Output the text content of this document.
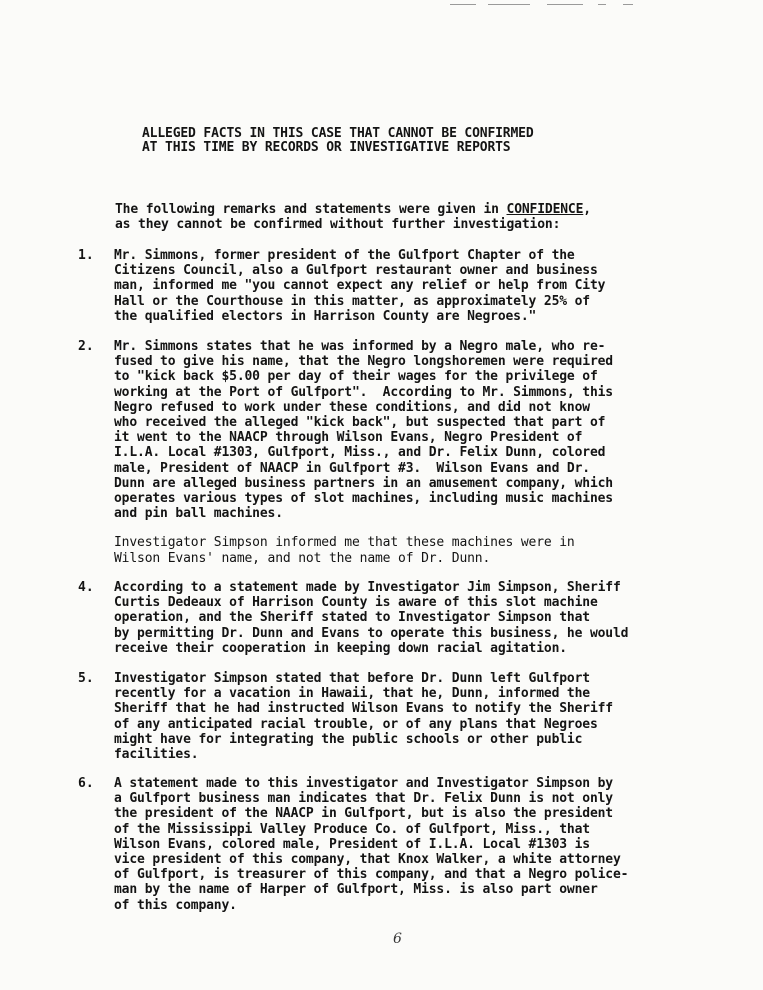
ALLEGED FACTS IN THIS CASE THAT CANNOT BE CONFIRMED

AT THIS TIME BY RECORDS OR INVESTIGATIVE REPORTS

The following remarks and statements were given in CONFIDENCE,

as they cannot be confirmed without further investigation:

1. Mr. Simmons, former president of the Gulfport Chapter of the

Citizens Council, also a Gulfport restaurant owner and business

man, informed me "you cannot expect any relief or help from City

Hall or the Courthouse in this matter, as approximately 25% of

the qualified electors in Harrison County are Negroes."

2. Mr. Simmons states that he was informed by a Negro male, who re-

fused to give his name, that the Negro longshoremen were required

to "kick back $5.00 per day of their wages for the privilege of

working at the Port of Gulfport".  According to Mr. Simmons, this

Negro refused to work under these conditions, and did not know

who received the alleged "kick back", but suspected that part of

it went to the NAACP through Wilson Evans, Negro President of

I.L.A. Local #1303, Gulfport, Miss., and Dr. Felix Dunn, colored

male, President of NAACP in Gulfport #3.  Wilson Evans and Dr.

Dunn are alleged business partners in an amusement company, which

operates various types of slot machines, including music machines

and pin ball machines.

Investigator Simpson informed me that these machines were in

Wilson Evans' name, and not the name of Dr. Dunn.

4. According to a statement made by Investigator Jim Simpson, Sheriff

Curtis Dedeaux of Harrison County is aware of this slot machine

operation, and the Sheriff stated to Investigator Simpson that

by permitting Dr. Dunn and Evans to operate this business, he would

receive their cooperation in keeping down racial agitation.

5. Investigator Simpson stated that before Dr. Dunn left Gulfport

recently for a vacation in Hawaii, that he, Dunn, informed the

Sheriff that he had instructed Wilson Evans to notify the Sheriff

of any anticipated racial trouble, or of any plans that Negroes

might have for integrating the public schools or other public

facilities.

6. A statement made to this investigator and Investigator Simpson by

a Gulfport business man indicates that Dr. Felix Dunn is not only

the president of the NAACP in Gulfport, but is also the president

of the Mississippi Valley Produce Co. of Gulfport, Miss., that

Wilson Evans, colored male, President of I.L.A. Local #1303 is

vice president of this company, that Knox Walker, a white attorney

of Gulfport, is treasurer of this company, and that a Negro police-

man by the name of Harper of Gulfport, Miss. is also part owner

of this company.

6
